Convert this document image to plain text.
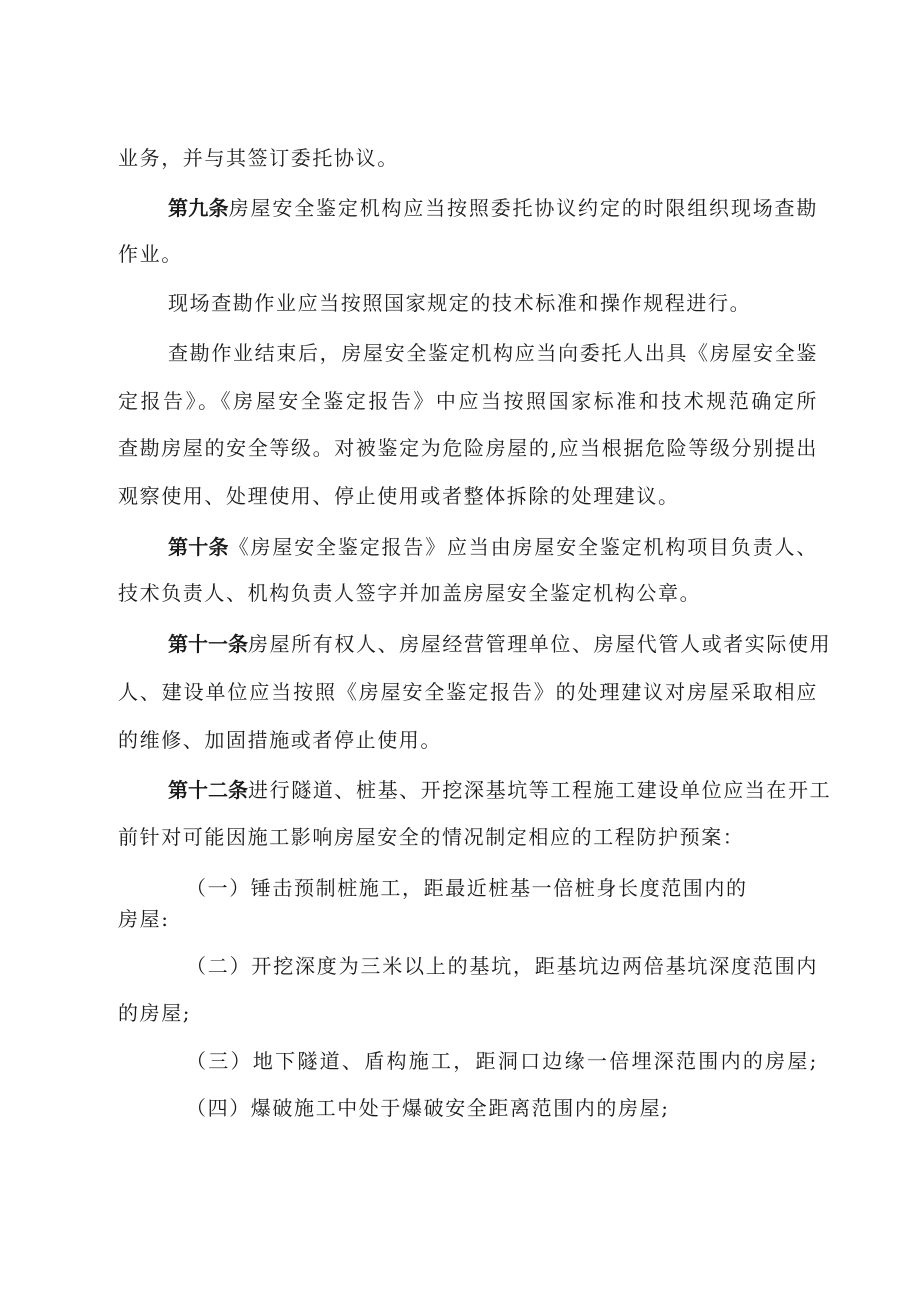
业务，并与其签订委托协议。
第九条房屋安全鉴定机构应当按照委托协议约定的时限组织现场查勘
作业。
现场查勘作业应当按照国家规定的技术标准和操作规程进行。
查勘作业结束后，房屋安全鉴定机构应当向委托人出具《房屋安全鉴
定报告》。《房屋安全鉴定报告》中应当按照国家标准和技术规范确定所
查勘房屋的安全等级。对被鉴定为危险房屋的,应当根据危险等级分别提出
观察使用、处理使用、停止使用或者整体拆除的处理建议。
第十条《房屋安全鉴定报告》应当由房屋安全鉴定机构项目负责人、
技术负责人、机构负责人签字并加盖房屋安全鉴定机构公章。
第十一条房屋所有权人、房屋经营管理单位、房屋代管人或者实际使用
人、建设单位应当按照《房屋安全鉴定报告》的处理建议对房屋采取相应
的维修、加固措施或者停止使用。
第十二条进行隧道、桩基、开挖深基坑等工程施工建设单位应当在开工
前针对可能因施工影响房屋安全的情况制定相应的工程防护预案：
（一）锤击预制桩施工，距最近桩基一倍桩身长度范围内的
房屋:
（二）开挖深度为三米以上的基坑，距基坑边两倍基坑深度范围内
的房屋;
（三）地下隧道、盾构施工，距洞口边缘一倍埋深范围内的房屋;
（四）爆破施工中处于爆破安全距离范围内的房屋;
